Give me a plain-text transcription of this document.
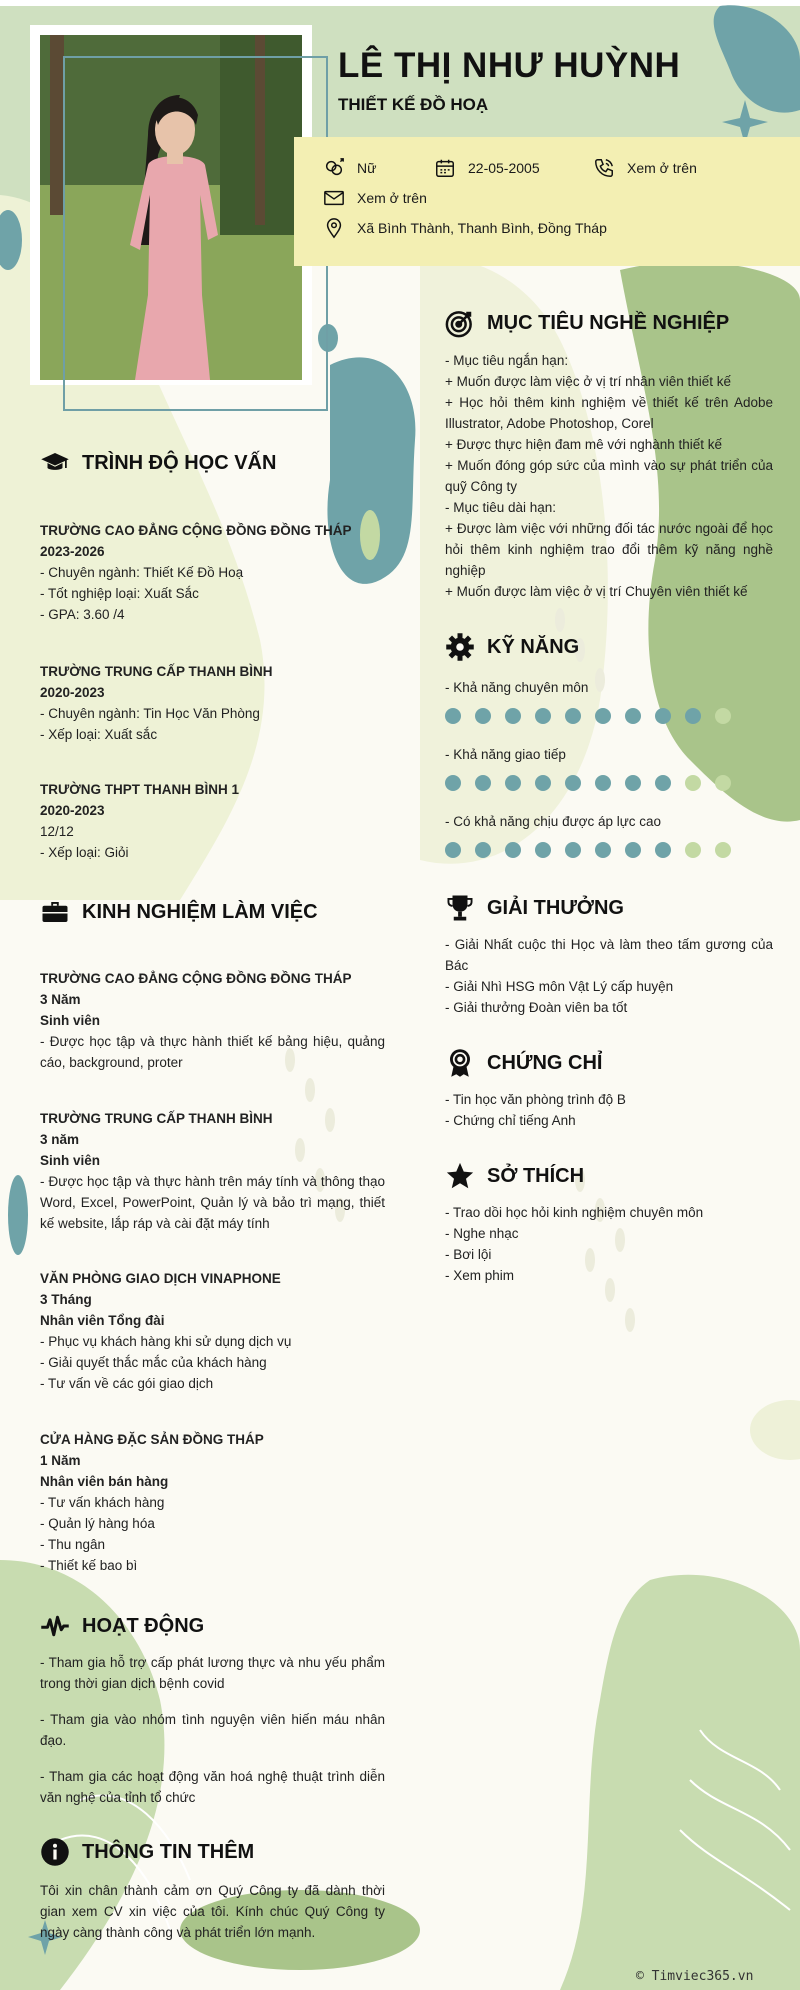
LÊ THỊ NHƯ HUỲNH
THIẾT KẾ ĐỒ HOẠ
Nữ	22-05-2005	Xem ở trên
Xem ở trên
Xã Bình Thành, Thanh Bình, Đồng Tháp
TRÌNH ĐỘ HỌC VẤN
TRƯỜNG CAO ĐẲNG CỘNG ĐỒNG ĐỒNG THÁP
2023-2026
- Chuyên ngành: Thiết Kế Đồ Hoạ
- Tốt nghiệp loại: Xuất Sắc
- GPA: 3.60 /4
TRƯỜNG TRUNG CẤP THANH BÌNH
2020-2023
- Chuyên ngành: Tin Học Văn Phòng
- Xếp loại: Xuất sắc
TRƯỜNG THPT THANH BÌNH 1
2020-2023
12/12
- Xếp loại: Giỏi
KINH NGHIỆM LÀM VIỆC
TRƯỜNG CAO ĐẲNG CỘNG ĐỒNG ĐỒNG THÁP
3 Năm
Sinh viên
- Được học tập và thực hành thiết kế bảng hiệu, quảng cáo, background, proter
TRƯỜNG TRUNG CẤP THANH BÌNH
3 năm
Sinh viên
- Được học tập và thực hành trên máy tính và thông thạo Word, Excel, PowerPoint, Quản lý và bảo trì mạng, thiết kế website, lắp ráp và cài đặt máy tính
VĂN PHÒNG GIAO DỊCH VINAPHONE
3 Tháng
Nhân viên Tổng đài
- Phục vụ khách hàng khi sử dụng dịch vụ
- Giải quyết thắc mắc của khách hàng
- Tư vấn về các gói giao dịch
CỬA HÀNG ĐẶC SẢN ĐỒNG THÁP
1 Năm
Nhân viên bán hàng
- Tư vấn khách hàng
- Quản lý hàng hóa
- Thu ngân
- Thiết kế bao bì
HOẠT ĐỘNG
- Tham gia hỗ trợ cấp phát lương thực và nhu yếu phẩm trong thời gian dịch bệnh covid
- Tham gia vào nhóm tình nguyện viên hiến máu nhân đạo.
- Tham gia các hoạt động văn hoá nghệ thuật trình diễn văn nghệ của tỉnh tổ chức
THÔNG TIN THÊM
Tôi xin chân thành cảm ơn Quý Công ty đã dành thời gian xem CV xin việc của tôi. Kính chúc Quý Công ty ngày càng thành công và phát triển lớn mạnh.
MỤC TIÊU NGHỀ NGHIỆP
- Mục tiêu ngắn hạn:
+ Muốn được làm việc ở vị trí nhân viên thiết kế
+ Học hỏi thêm kinh nghiệm về thiết kế trên Adobe Illustrator, Adobe Photoshop, Corel
+ Được thực hiện đam mê với nghành thiết kế
+ Muốn đóng góp sức của mình vào sự phát triển của quỹ Công ty
- Mục tiêu dài hạn:
+ Được làm việc với những đối tác nước ngoài để học hỏi thêm kinh nghiệm trao đổi thêm kỹ năng nghề nghiệp
+ Muốn được làm việc ở vị trí Chuyên viên thiết kế
KỸ NĂNG
- Khả năng chuyên môn
- Khả năng giao tiếp
- Có khả năng chịu được áp lực cao
GIẢI THƯỞNG
- Giải Nhất cuộc thi Học và làm theo tấm gương của Bác
- Giải Nhì HSG môn Vật Lý cấp huyện
- Giải thưởng Đoàn viên ba tốt
CHỨNG CHỈ
- Tin học văn phòng trình độ B
- Chứng chỉ tiếng Anh
SỞ THÍCH
- Trao dồi học hỏi kinh nghiệm chuyên môn
- Nghe nhạc
- Bơi lội
- Xem phim
© Timviec365.vn
